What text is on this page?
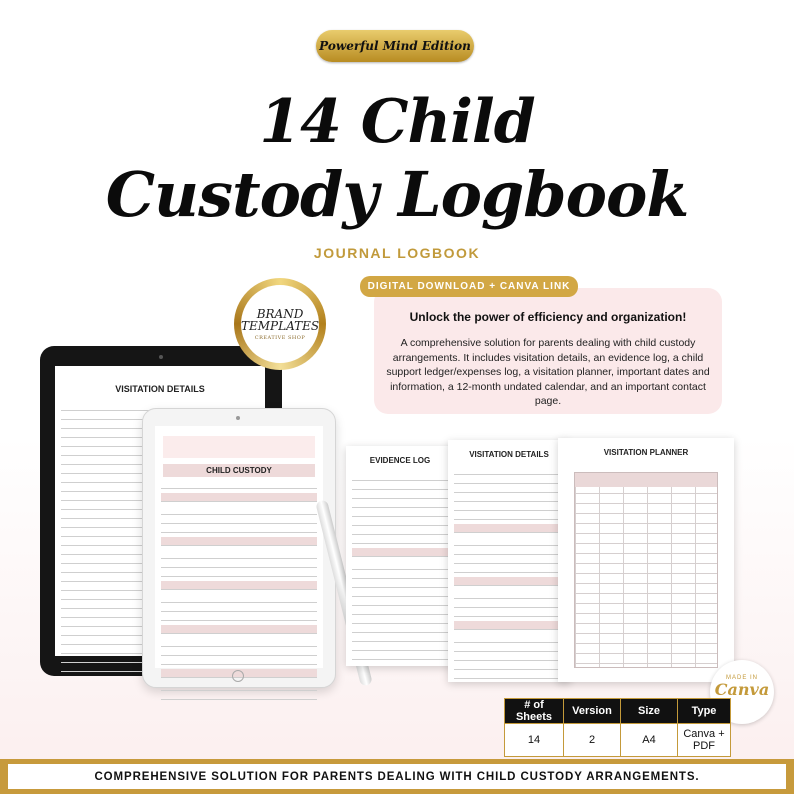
Powerful Mind Edition
14 Child
Custody Logbook
JOURNAL LOGBOOK
Unlock the power of efficiency and organization!
A comprehensive solution for parents dealing with child custody arrangements. It includes visitation details, an evidence log, a child support ledger/expenses log, a visitation planner, important dates and information, a 12-month undated calendar, and an important contact page.
DIGITAL DOWNLOAD + CANVA LINK
VISITATION DETAILS
BRAND TEMPLATES
CREATIVE SHOP
CHILD CUSTODY
EVIDENCE LOG
VISITATION DETAILS	VISITATION PLANNER
MADE IN
Canva
# of Sheets	Version	Size	Type
14	2	A4	Canva + PDF
COMPREHENSIVE SOLUTION FOR PARENTS DEALING WITH CHILD CUSTODY ARRANGEMENTS.
